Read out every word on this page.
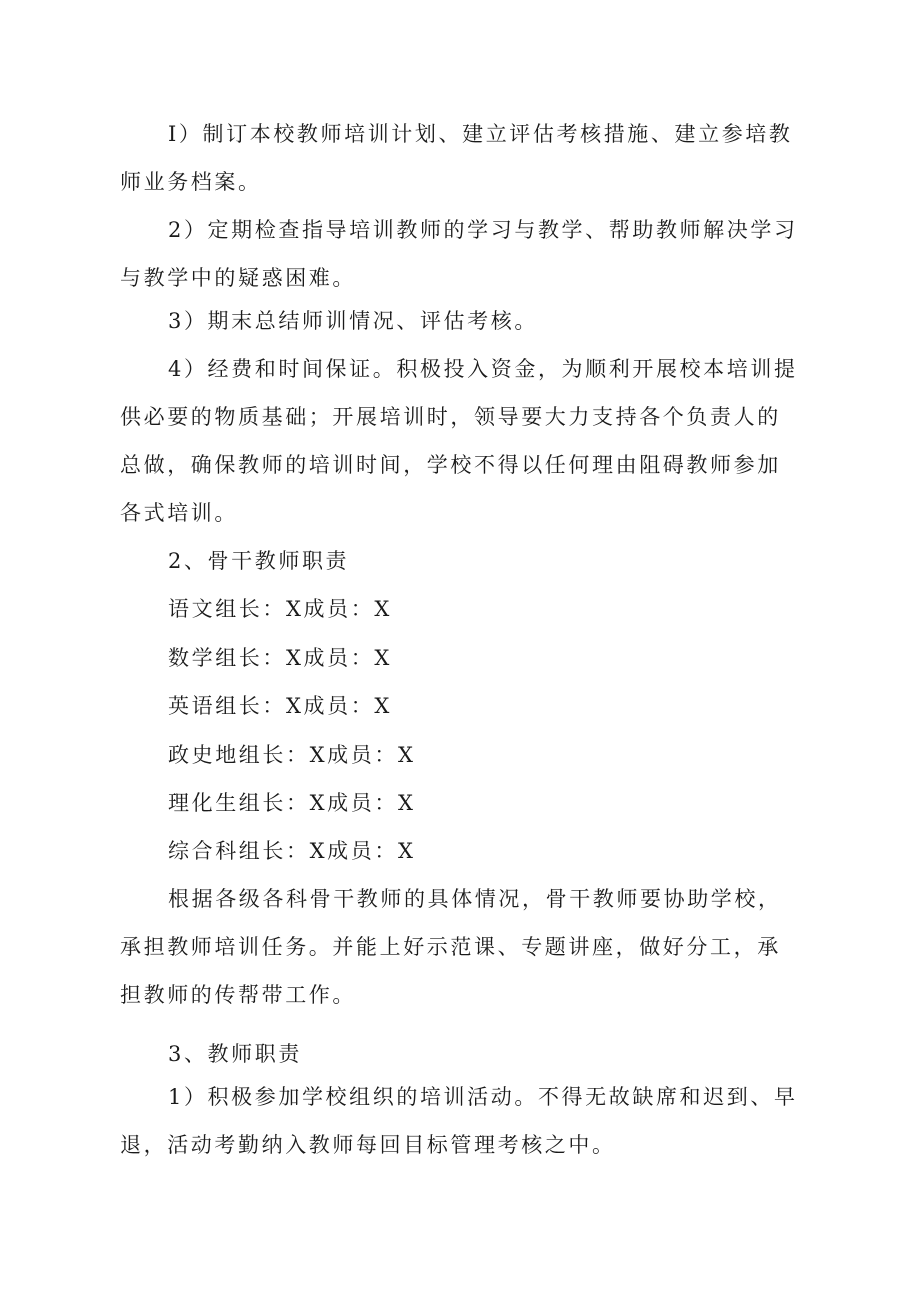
I）制订本校教师培训计划、建立评估考核措施、建立参培教师业务档案。

2）定期检查指导培训教师的学习与教学、帮助教师解决学习与教学中的疑惑困难。

3）期末总结师训情况、评估考核。

4）经费和时间保证。积极投入资金，为顺利开展校本培训提供必要的物质基础；开展培训时，领导要大力支持各个负责人的总做，确保教师的培训时间，学校不得以任何理由阻碍教师参加各式培训。

2、骨干教师职责

语文组长：X成员：X

数学组长：X成员：X

英语组长：X成员：X

政史地组长：X成员：X

理化生组长：X成员：X

综合科组长：X成员：X

根据各级各科骨干教师的具体情况，骨干教师要协助学校，承担教师培训任务。并能上好示范课、专题讲座，做好分工，承担教师的传帮带工作。

3、教师职责

1）积极参加学校组织的培训活动。不得无故缺席和迟到、早退，活动考勤纳入教师每回目标管理考核之中。
